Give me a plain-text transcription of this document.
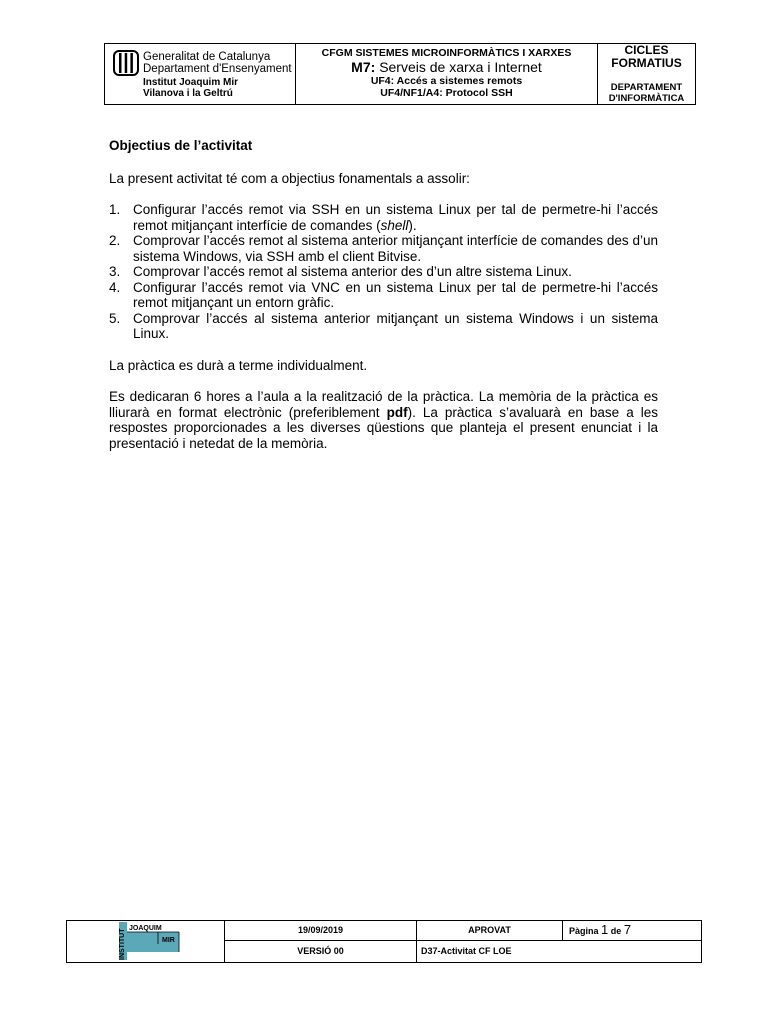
Generalitat de Catalunya
Departament d'Ensenyament
Institut Joaquim Mir
Vilanova i la Geltrú
CFGM SISTEMES MICROINFORMÀTICS I XARXES
M7: Serveis de xarxa i Internet
UF4: Accés a sistemes remots
UF4/NF1/A4: Protocol SSH
CICLES
FORMATIUS
DEPARTAMENT
D'INFORMÀTICA

Objectius de l’activitat

La present activitat té com a objectius fonamentals a assolir:

1. Configurar l’accés remot via SSH en un sistema Linux per tal de permetre-hi l’accés remot mitjançant interfície de comandes (shell).
2. Comprovar l’accés remot al sistema anterior mitjançant interfície de comandes des d’un sistema Windows, via SSH amb el client Bitvise.
3. Comprovar l’accés remot al sistema anterior des d’un altre sistema Linux.
4. Configurar l’accés remot via VNC en un sistema Linux per tal de permetre-hi l’accés remot mitjançant un entorn gràfic.
5. Comprovar l’accés al sistema anterior mitjançant un sistema Windows i un sistema Linux.

La pràctica es durà a terme individualment.

Es dedicaran 6 hores a l’aula a la realització de la pràctica. La memòria de la pràctica es lliurarà en format electrònic (preferiblement pdf). La pràctica s’avaluarà en base a les respostes proporcionades a les diverses qüestions que planteja el present enunciat i la presentació i netedat de la memòria.

INSTITUT JOAQUIM
MIR
19/09/2019	APROVAT	Pàgina 1 de 7
VERSIÓ 00	D37-Activitat CF LOE
